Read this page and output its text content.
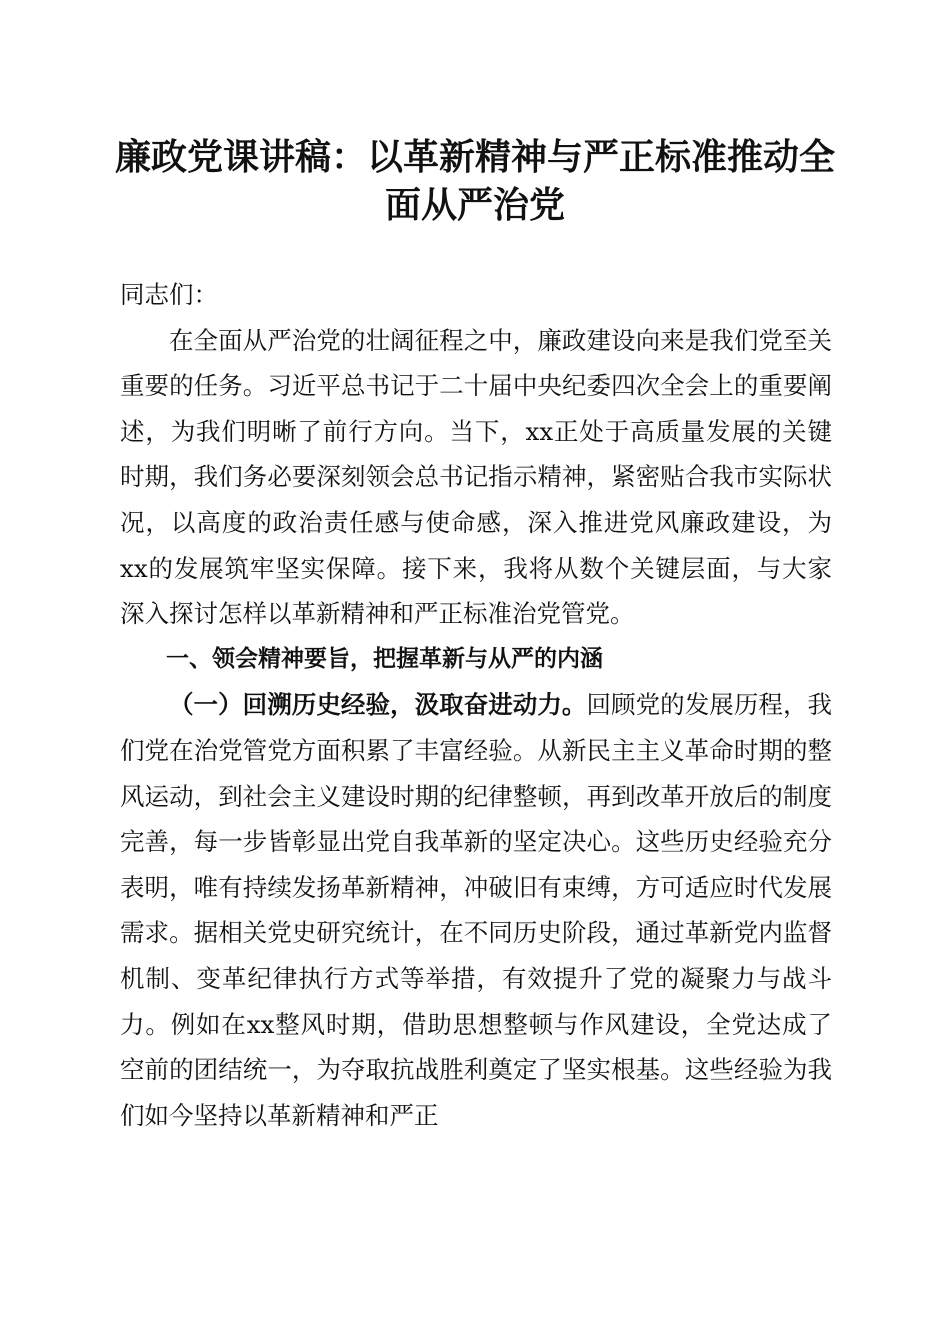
廉政党课讲稿：以革新精神与严正标准推动全面从严治党

同志们：

在全面从严治党的壮阔征程之中，廉政建设向来是我们党至关重要的任务。习近平总书记于二十届中央纪委四次全会上的重要阐述，为我们明晰了前行方向。当下，xx正处于高质量发展的关键时期，我们务必要深刻领会总书记指示精神，紧密贴合我市实际状况，以高度的政治责任感与使命感，深入推进党风廉政建设，为xx的发展筑牢坚实保障。接下来，我将从数个关键层面，与大家深入探讨怎样以革新精神和严正标准治党管党。

一、领会精神要旨，把握革新与从严的内涵

（一）回溯历史经验，汲取奋进动力。回顾党的发展历程，我们党在治党管党方面积累了丰富经验。从新民主主义革命时期的整风运动，到社会主义建设时期的纪律整顿，再到改革开放后的制度完善，每一步皆彰显出党自我革新的坚定决心。这些历史经验充分表明，唯有持续发扬革新精神，冲破旧有束缚，方可适应时代发展需求。据相关党史研究统计，在不同历史阶段，通过革新党内监督机制、变革纪律执行方式等举措，有效提升了党的凝聚力与战斗力。例如在xx整风时期，借助思想整顿与作风建设，全党达成了空前的团结统一，为夺取抗战胜利奠定了坚实根基。这些经验为我们如今坚持以革新精神和严正
